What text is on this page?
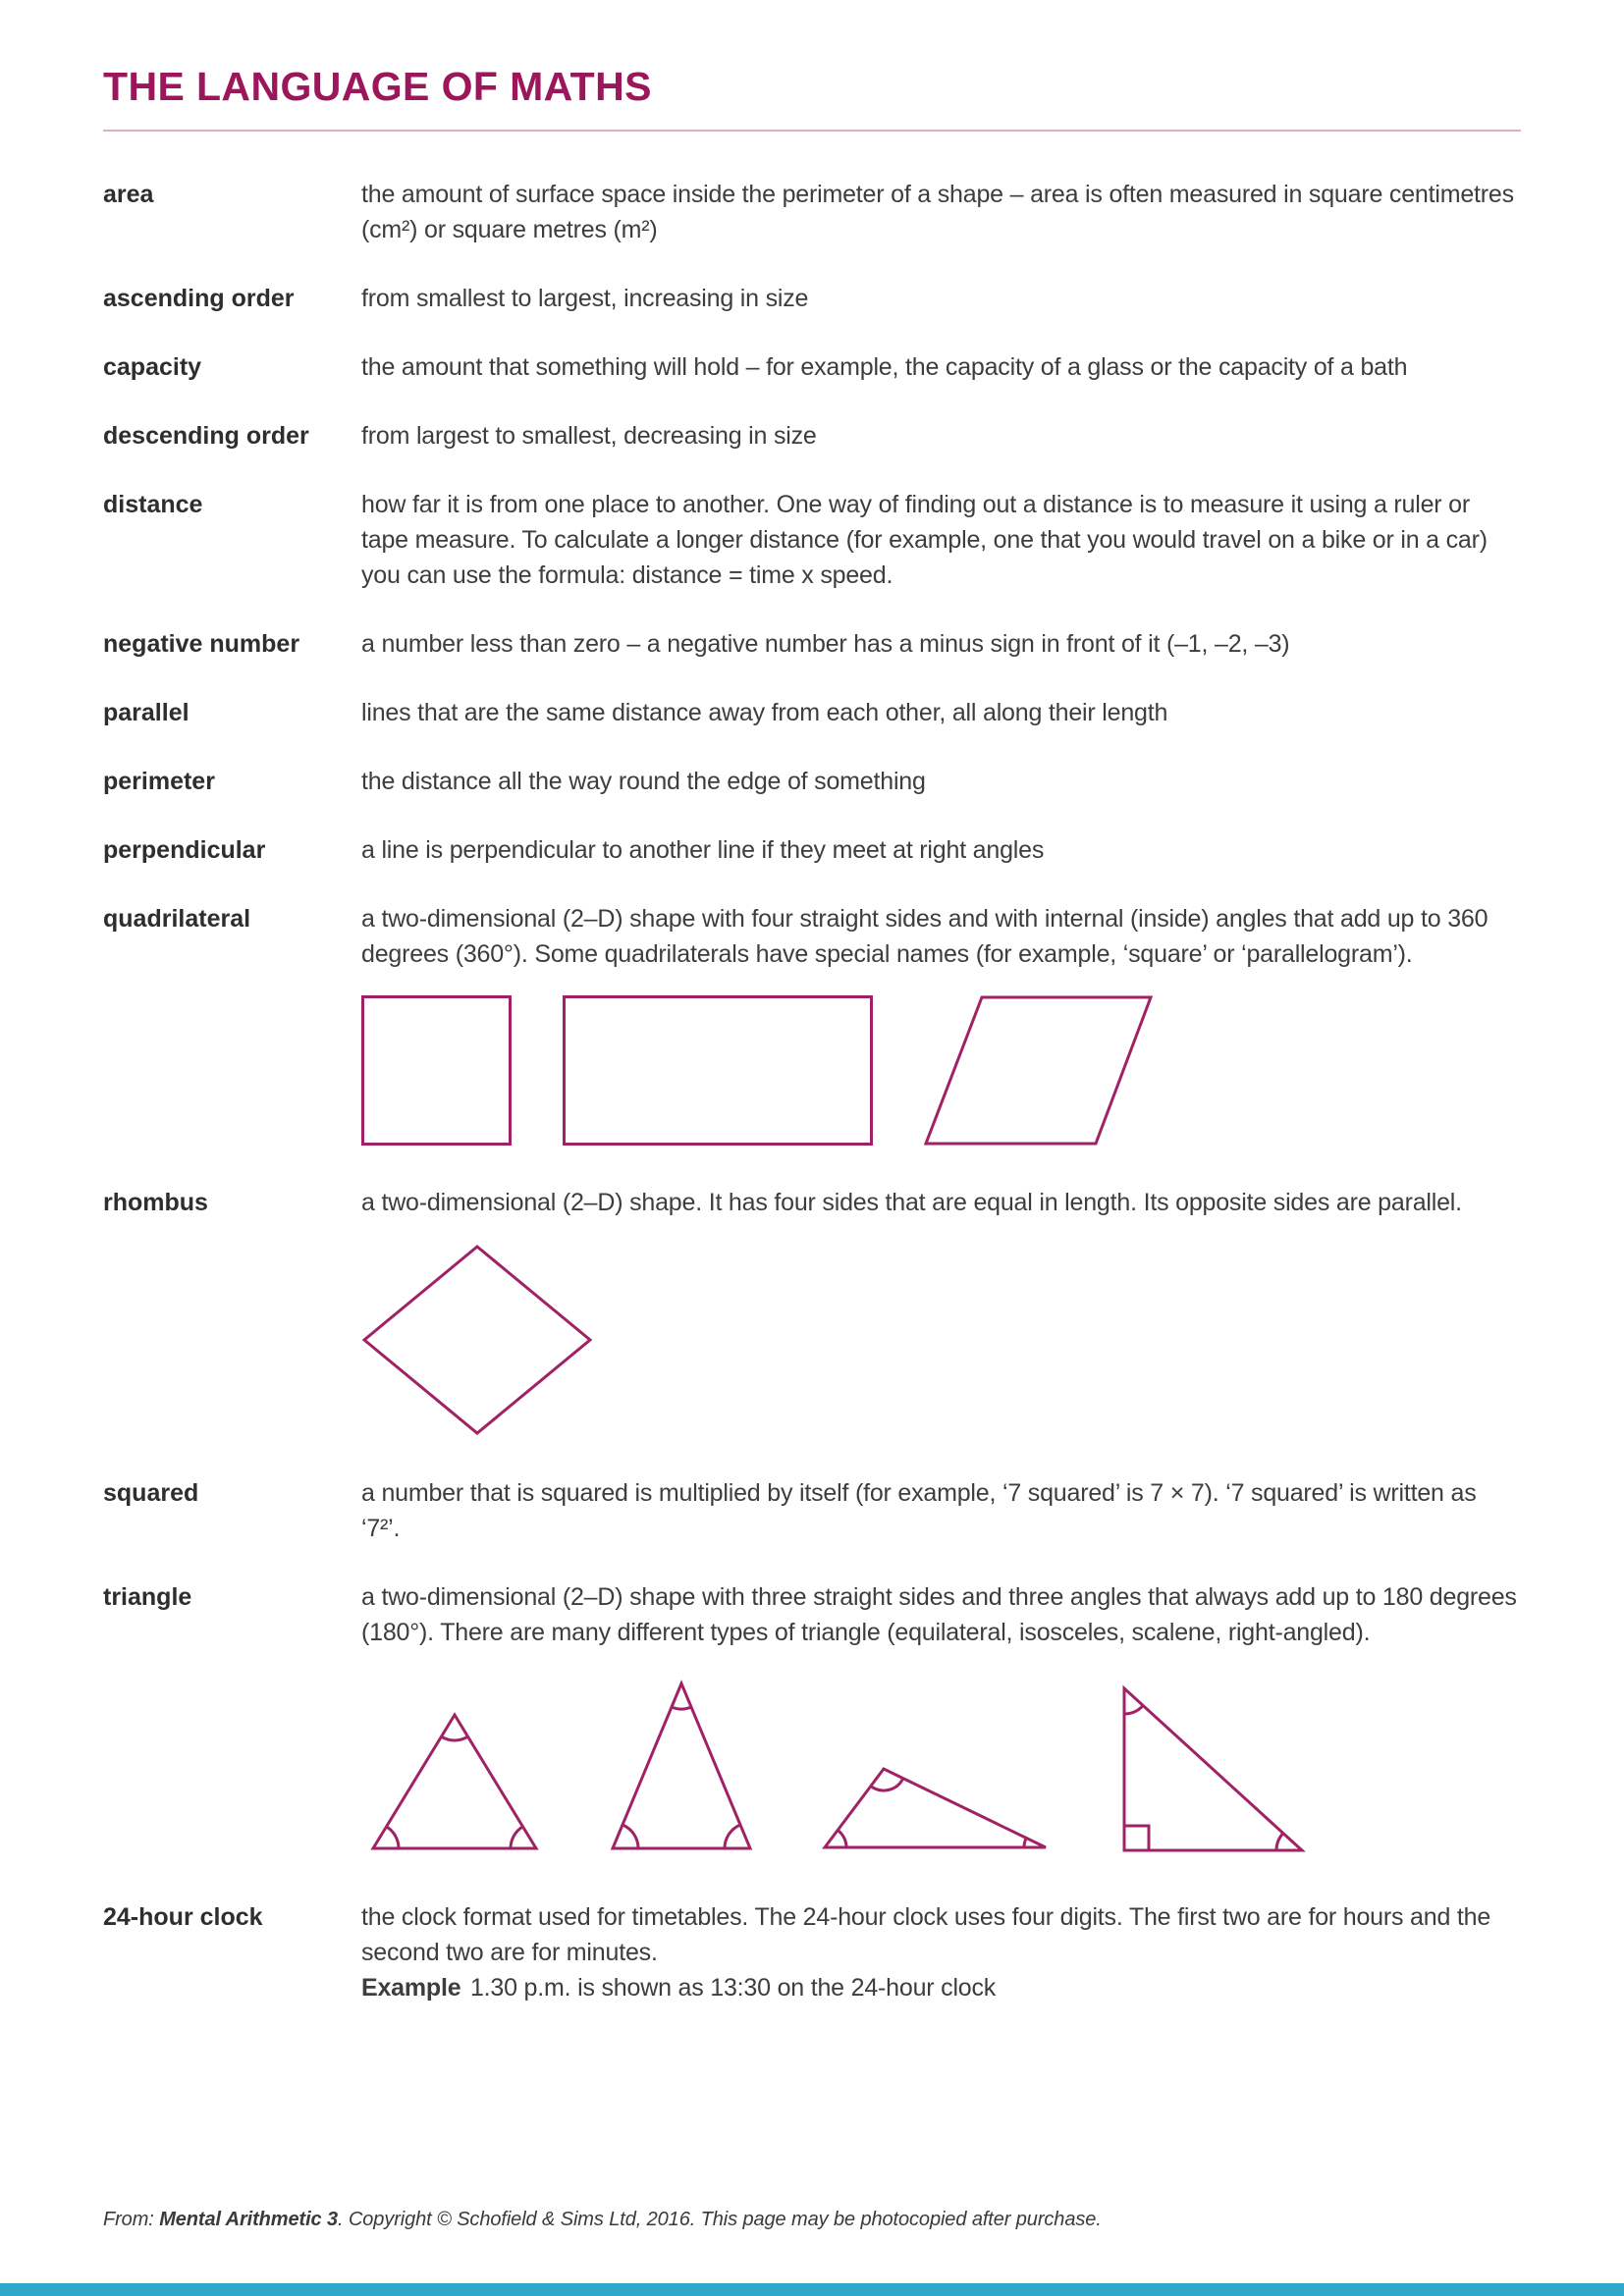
THE LANGUAGE OF MATHS
area	the amount of surface space inside the perimeter of a shape – area is often measured in square centimetres (cm²) or square metres (m²)
ascending order	from smallest to largest, increasing in size
capacity	the amount that something will hold – for example, the capacity of a glass or the capacity of a bath
descending order	from largest to smallest, decreasing in size
distance	how far it is from one place to another. One way of finding out a distance is to measure it using a ruler or tape measure. To calculate a longer distance (for example, one that you would travel on a bike or in a car) you can use the formula: distance = time x speed.
negative number	a number less than zero – a negative number has a minus sign in front of it (–1, –2, –3)
parallel	lines that are the same distance away from each other, all along their length
perimeter	the distance all the way round the edge of something
perpendicular	a line is perpendicular to another line if they meet at right angles
quadrilateral	a two-dimensional (2–D) shape with four straight sides and with internal (inside) angles that add up to 360 degrees (360°). Some quadrilaterals have special names (for example, ‘square’ or ‘parallelogram’).
rhombus	a two-dimensional (2–D) shape. It has four sides that are equal in length. Its opposite sides are parallel.
squared	a number that is squared is multiplied by itself (for example, ‘7 squared’ is 7 × 7). ‘7 squared’ is written as ‘7²’.
triangle	a two-dimensional (2–D) shape with three straight sides and three angles that always add up to 180 degrees (180°). There are many different types of triangle (equilateral, isosceles, scalene, right-angled).
24-hour clock	the clock format used for timetables. The 24-hour clock uses four digits. The first two are for hours and the second two are for minutes.
Example 1.30 p.m. is shown as 13:30 on the 24-hour clock
From: Mental Arithmetic 3. Copyright © Schofield & Sims Ltd, 2016. This page may be photocopied after purchase.
